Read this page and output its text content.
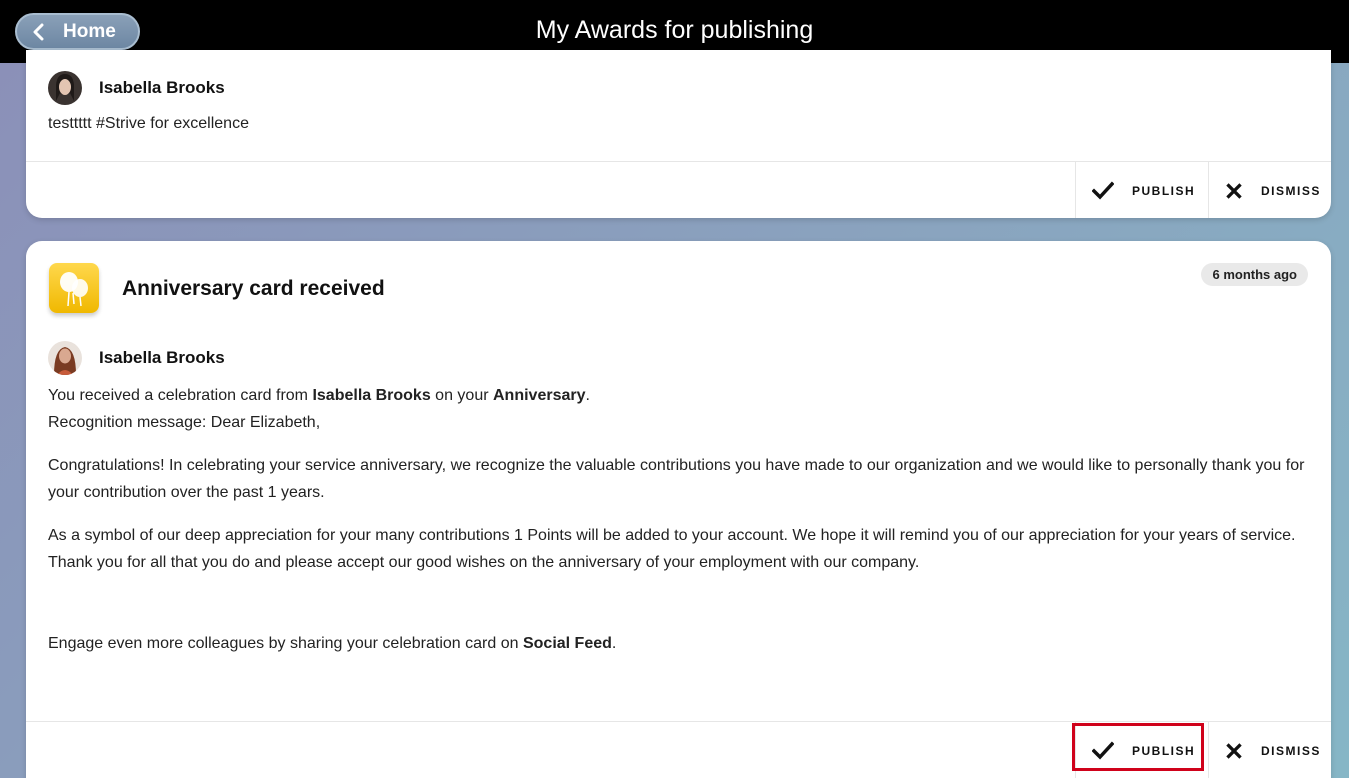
Home	My Awards for publishing
Isabella Brooks
testtttt #Strive for excellence
PUBLISH	DISMISS
Anniversary card received
6 months ago
Isabella Brooks

You received a celebration card from Isabella Brooks on your Anniversary.

Recognition message: Dear Elizabeth,

Congratulations! In celebrating your service anniversary, we recognize the valuable contributions you have made to our organization and we would like to personally thank you for your contribution over the past 1 years.

As a symbol of our deep appreciation for your many contributions 1 Points will be added to your account. We hope it will remind you of our appreciation for your years of service.

Thank you for all that you do and please accept our good wishes on the anniversary of your employment with our company.

Engage even more colleagues by sharing your celebration card on Social Feed.

PUBLISH	DISMISS
